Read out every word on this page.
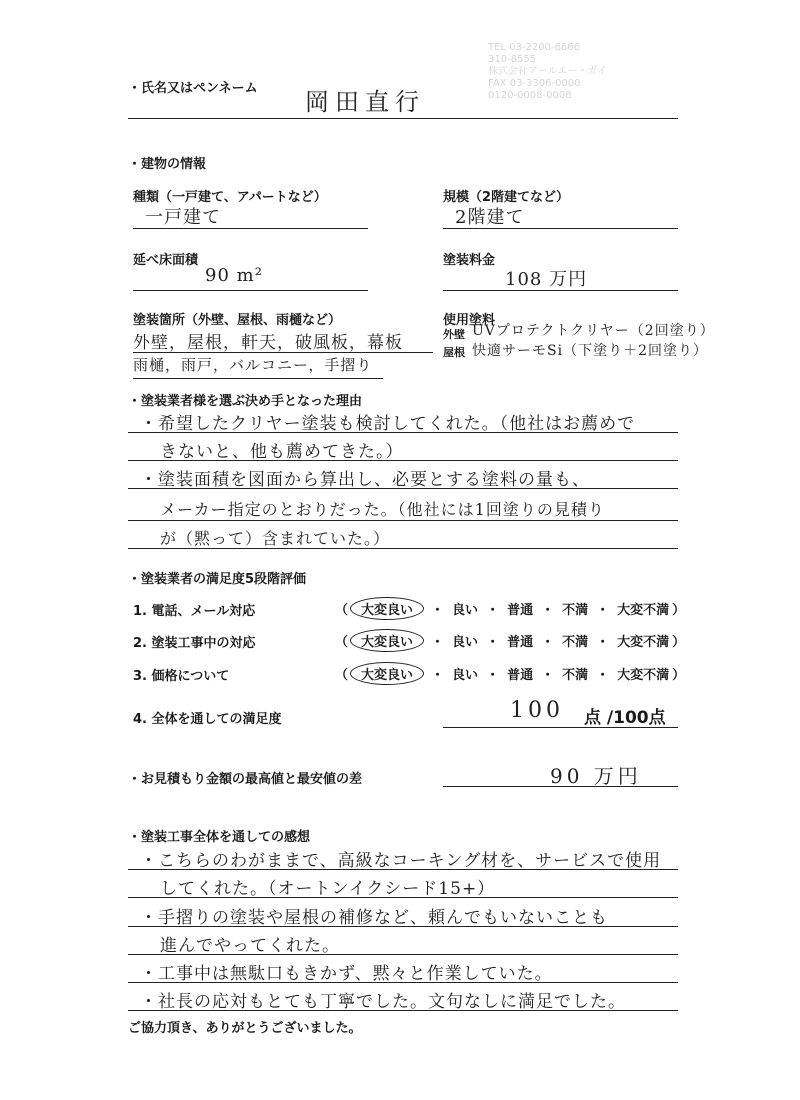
TEL 03-2200-6666
310-8555
株式会社アールエー・ガイ
FAX 03-3306-0000
0120-0008-0008
・氏名又はペンネーム 岡田直行
・建物の情報
種類（一戸建て、アパートなど）
一戸建て
規模（2階建てなど）
2階建て
延べ床面積
90 m²
塗装料金
108 万円
塗装箇所（外壁、屋根、雨樋など）
外壁，屋根，軒天，破風板，幕板
雨樋，雨戸，バルコニー，手摺り
使用塗料
外壁 UVプロテクトクリヤー（2回塗り）
屋根 快適サーモSi（下塗り＋2回塗り）
・塗装業者様を選ぶ決め手となった理由
・希望したクリヤー塗装も検討してくれた。（他社はお薦めで
きないと、他も薦めてきた。）
・塗装面積を図面から算出し、必要とする塗料の量も、
メーカー指定のとおりだった。（他社には1回塗りの見積り
が（黙って）含まれていた。）
・塗装業者の満足度5段階評価
1. 電話、メール対応	（ 大変良い ・ 良い ・ 普通 ・ 不満 ・ 大変不満 ）
2. 塗装工事中の対応	（ 大変良い ・ 良い ・ 普通 ・ 不満 ・ 大変不満 ）
3. 価格について	（ 大変良い ・ 良い ・ 普通 ・ 不満 ・ 大変不満 ）
4. 全体を通しての満足度	100 点 /100点
・お見積もり金額の最高値と最安値の差	90 万円
・塗装工事全体を通しての感想
・こちらのわがままで、高級なコーキング材を、サービスで使用
してくれた。（オートンイクシード15+）
・手摺りの塗装や屋根の補修など、頼んでもいないことも
進んでやってくれた。
・工事中は無駄口もきかず、黙々と作業していた。
・社長の応対もとても丁寧でした。文句なしに満足でした。
ご協力頂き、ありがとうございました。
